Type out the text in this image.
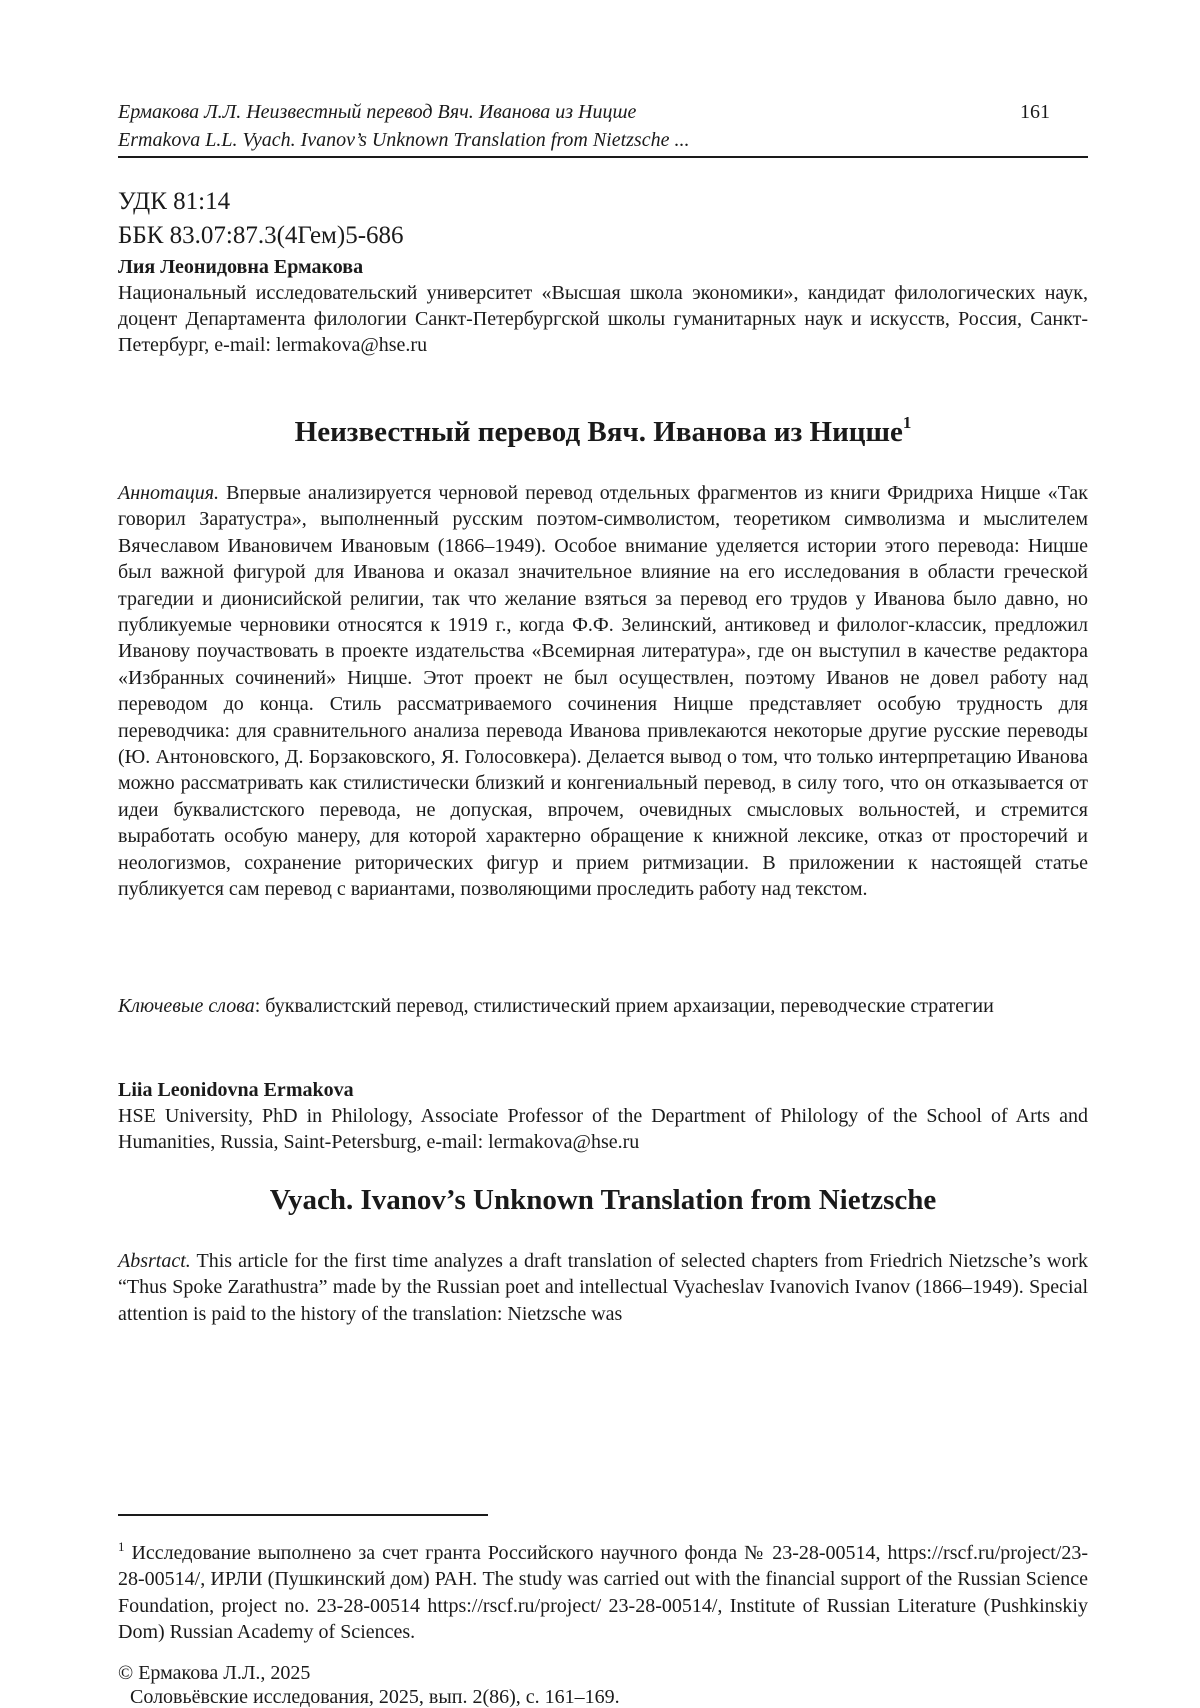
Ермакова Л.Л. Неизвестный перевод Вяч. Иванова из Ницше
Ermakova L.L. Vyach. Ivanov’s Unknown Translation from Nietzsche ...
161
УДК 81:14
ББК 83.07:87.3(4Гем)5-686
Лия Леонидовна Ермакова
Национальный исследовательский университет «Высшая школа экономики», кандидат филологических наук, доцент Департамента филологии Санкт-Петербургской школы гуманитарных наук и искусств, Россия, Санкт-Петербург, e-mail: lermakova@hse.ru
Неизвестный перевод Вяч. Иванова из Ницше$^1$
Аннотация. Впервые анализируется черновой перевод отдельных фрагментов из книги Фридриха Ницше «Так говорил Заратустра», выполненный русским поэтом-символистом, теоретиком символизма и мыслителем Вячеславом Ивановичем Ивановым (1866–1949). Особое внимание уделяется истории этого перевода: Ницше был важной фигурой для Иванова и оказал значительное влияние на его исследования в области греческой трагедии и дионисийской религии, так что желание взяться за перевод его трудов у Иванова было давно, но публикуемые черновики относятся к 1919 г., когда Ф.Ф. Зелинский, антиковед и филолог-классик, предложил Иванову поучаствовать в проекте издательства «Всемирная литература», где он выступил в качестве редактора «Избранных сочинений» Ницше. Этот проект не был осуществлен, поэтому Иванов не довел работу над переводом до конца. Стиль рассматриваемого сочинения Ницше представляет особую трудность для переводчика: для сравнительного анализа перевода Иванова привлекаются некоторые другие русские переводы (Ю. Антоновского, Д. Борзаковского, Я. Голосовкера). Делается вывод о том, что только интерпретацию Иванова можно рассматривать как стилистически близкий и конгениальный перевод, в силу того, что он отказывается от идеи буквалистского перевода, не допуская, впрочем, очевидных смысловых вольностей, и стремится выработать особую манеру, для которой характерно обращение к книжной лексике, отказ от просторечий и неологизмов, сохранение риторических фигур и прием ритмизации. В приложении к настоящей статье публикуется сам перевод с вариантами, позволяющими проследить работу над текстом.
Ключевые слова: буквалистский перевод, стилистический прием архаизации, переводческие стратегии
Liia Leonidovna Ermakova
HSE University, PhD in Philology, Associate Professor of the Department of Philology of the School of Arts and Humanities, Russia, Saint-Petersburg, e-mail: lermakova@hse.ru
Vyach. Ivanov’s Unknown Translation from Nietzsche
Absrtact. This article for the first time analyzes a draft translation of selected chapters from Friedrich Nietzsche’s work “Thus Spoke Zarathustra” made by the Russian poet and intellectual Vyacheslav Ivanovich Ivanov (1866–1949). Special attention is paid to the history of the translation: Nietzsche was
$^1$ Исследование выполнено за счет гранта Российского научного фонда № 23-28-00514, https://rscf.ru/project/23-28-00514/, ИРЛИ (Пушкинский дом) РАН. The study was carried out with the financial support of the Russian Science Foundation, project no. 23-28-00514 https://rscf.ru/project/ 23-28-00514/, Institute of Russian Literature (Pushkinskiy Dom) Russian Academy of Sciences.
© Ермакова Л.Л., 2025
Соловьёвские исследования, 2025, вып. 2(86), с. 161–169.
